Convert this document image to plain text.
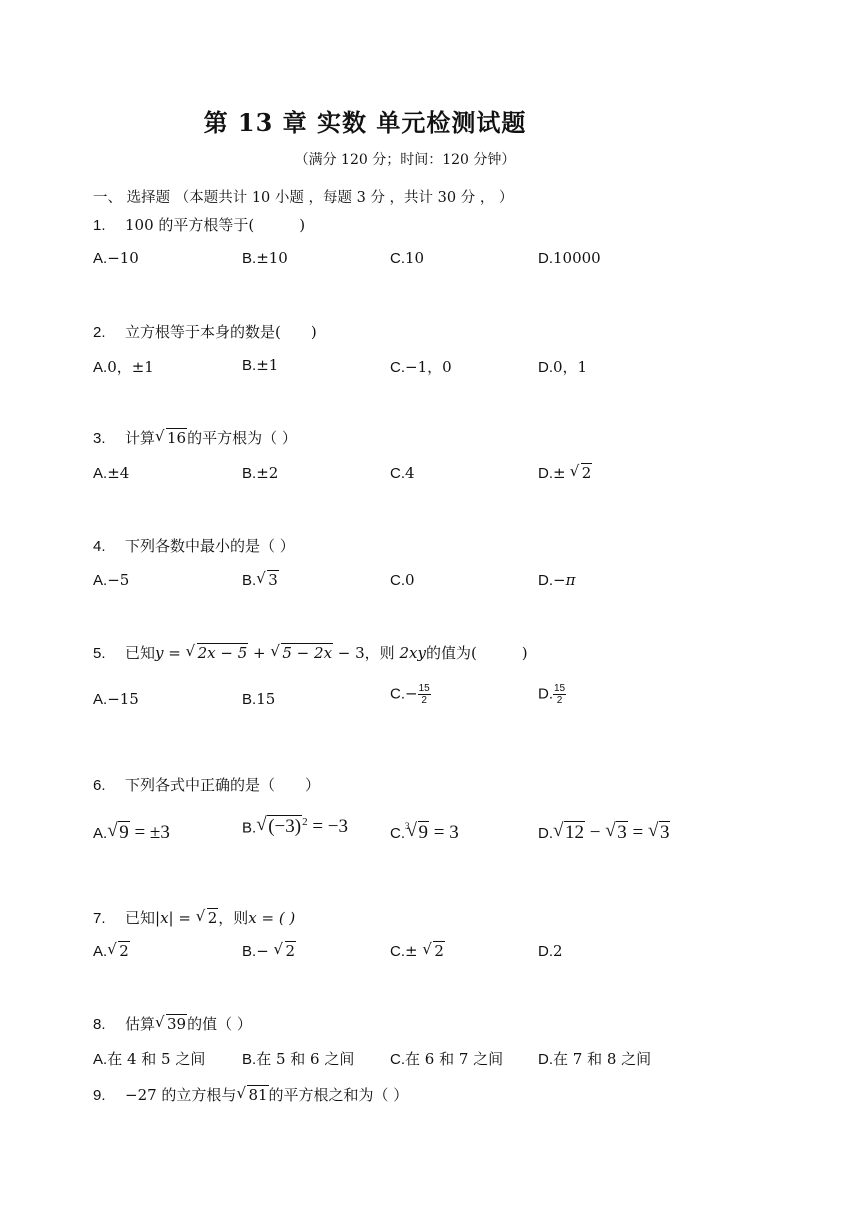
第 13 章 实数 单元检测试题
（满分 120 分；时间：120 分钟）
一、 选择题 （本题共计 10 小题 ，每题 3 分 ，共计 30 分 ， ）
1. 100 的平方根等于(　　　)
A.−10	B.±10	C.10	D.10000
2. 立方根等于本身的数是(　　)
A.0，±1	B.±1	C.−1，0	D.0，1
3. 计算 √ 16的平方根为（ ）
A.±4	B.±2	C.4	D.± √ 2
4. 下列各数中最小的是（ ）
A.−5	B. √ 3	C.0	D.−π
5. 已知y = √ 2x − 5 + √ 5 − 2x − 3，则 2xy的值为(　　　)
A.−15	B.15	$C.- \frac{15}{2}$	D. $\frac{15}{2}$
6. 下列各式中正确的是（　　）
A. √ 9 = ±3	B. √ $(-3)^2 = -3$	C.$^3$ √ 9 = 3	D. √ 12 − √ 3 = √ 3
7. 已知|x| = √ 2，则x = ( )
A. √ 2	B.− √ 2	C.± √ 2	D.2
8. 估算 √ 39的值（ ）
A.在 4 和 5 之间 B.在 5 和 6 之间 C.在 6 和 7 之间 D.在 7 和 8 之间
9. −27 的立方根与 √ 81的平方根之和为（ ）
